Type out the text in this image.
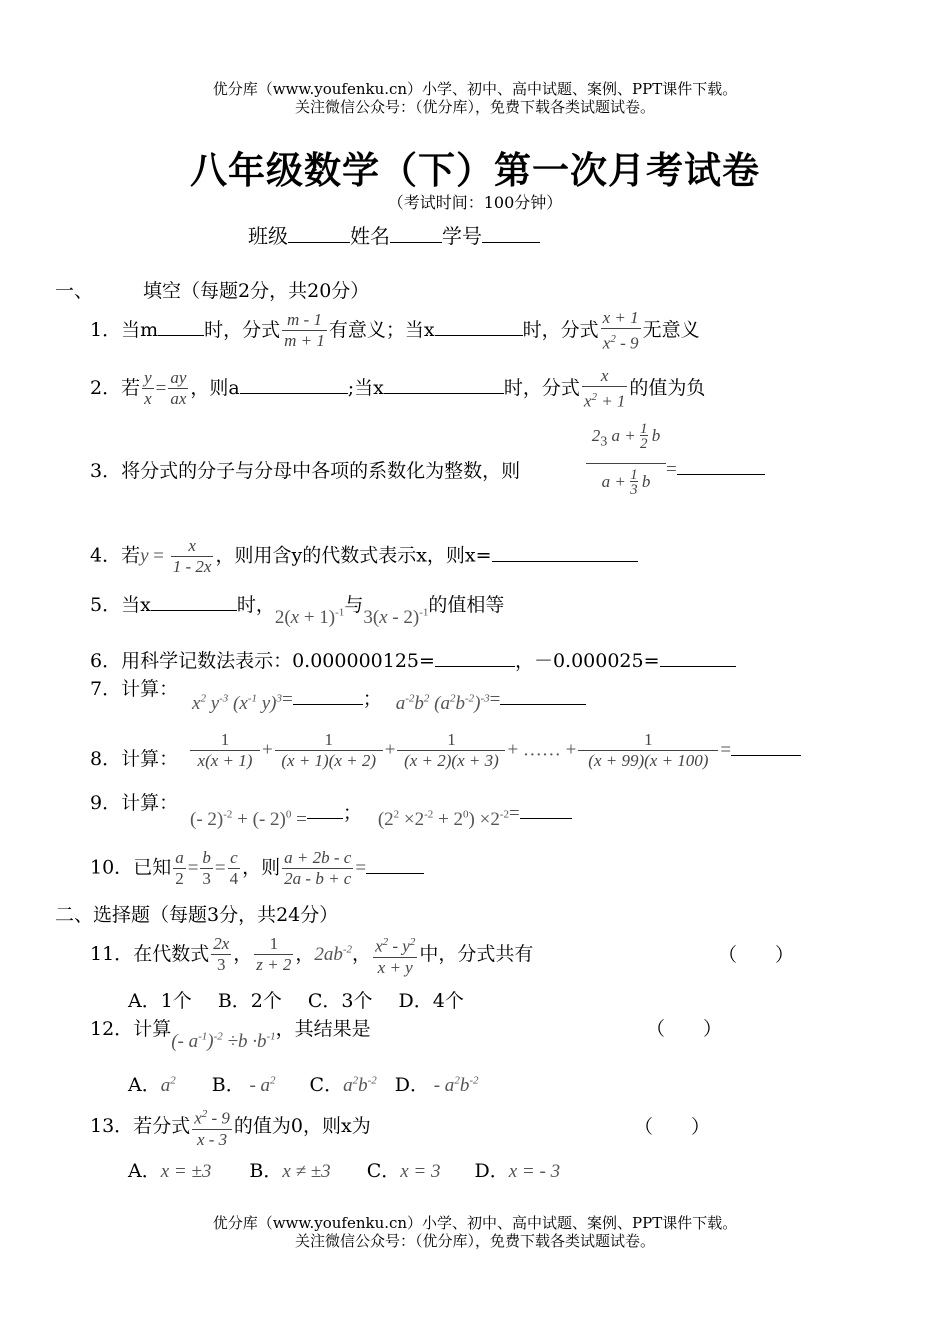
优分库（www.youfenku.cn）小学、初中、高中试题、案例、PPT课件下载。
关注微信公众号：（优分库），免费下载各类试题试卷。
八年级数学（下）第一次月考试卷
（考试时间：100分钟）
班级	姓名	学号
一、	填空（每题2分，共20分）
1．当m 时，分式 $\frac{m - 1}{m + 1}$ 有意义；当x	时，分式 $\frac{x + 1}{x^2 - 9}$ 无意义
2．若 $\frac{y}{x} = \frac{ay}{ax}$ ，则a	;当x	时，分式 $\frac{x}{x^2 + 1}$ 的值为负
3．将分式的分子与分母中各项的系数化为整数，则
$2_3$ a + 1
2 b
a + 1
3 b
=
4．若$y = \frac{x}{1 - 2x}$ ，则用含y的代数式表示x，则x=
5．当x	时，$2(x + 1)^{-1}$与3(x - 2)$^{-1}$的值相等
6．用科学记数法表示：0.000000125=	，－0.000025=
7．计算：
$x^2$ $y^{-3}$ ($x^{-1}$ y)$^3$=	； $a^{-2}b^2$ $(a^2b^{-2})^{-3}=$
8．计算： $\frac{1}{x(x + 1)} + \frac{1}{(x + 1)(x + 2)} + \frac{1}{(x + 2)(x + 3)}$ + …… + $\frac{1}{(x + 99)(x + 100)}$ =
9．计算：
(- 2)$^{-2}$ + (- 2)$^0$ = ； $(2^2 \times 2^{-2} + 2^0) \times 2^{-2}=$
10．已知 $\frac{a}{2} = \frac{b}{3} = \frac{c}{4}$ ，则 $\frac{a + 2b - c}{2a - b + c}$ =
二、选择题（每题3分，共24分）
11．在代数式 $\frac{2x}{3}$ ， $\frac{1}{z + 2}$ ，$2ab^{-2}$， $\frac{x^2 - y^2}{x + y}$ 中，分式共有	（　　）
A．1个 B．2个 C．3个 D．4个
12．计算(- $a^{-1})^{-2} \div b \cdot b^{-1}$，其结果是	（　　）
A．$a^2$ B． - $a^2$ C．$a^2b^{-2}$ D． - $a^2b^{-2}$
13．若分式 $\frac{x^2 - 9}{x - 3}$ 的值为0，则x为	（　　）
A．x = ±3 B．x ≠ ±3 C．x = 3 D．x = - 3
优分库（www.youfenku.cn）小学、初中、高中试题、案例、PPT课件下载。
关注微信公众号：（优分库），免费下载各类试题试卷。
